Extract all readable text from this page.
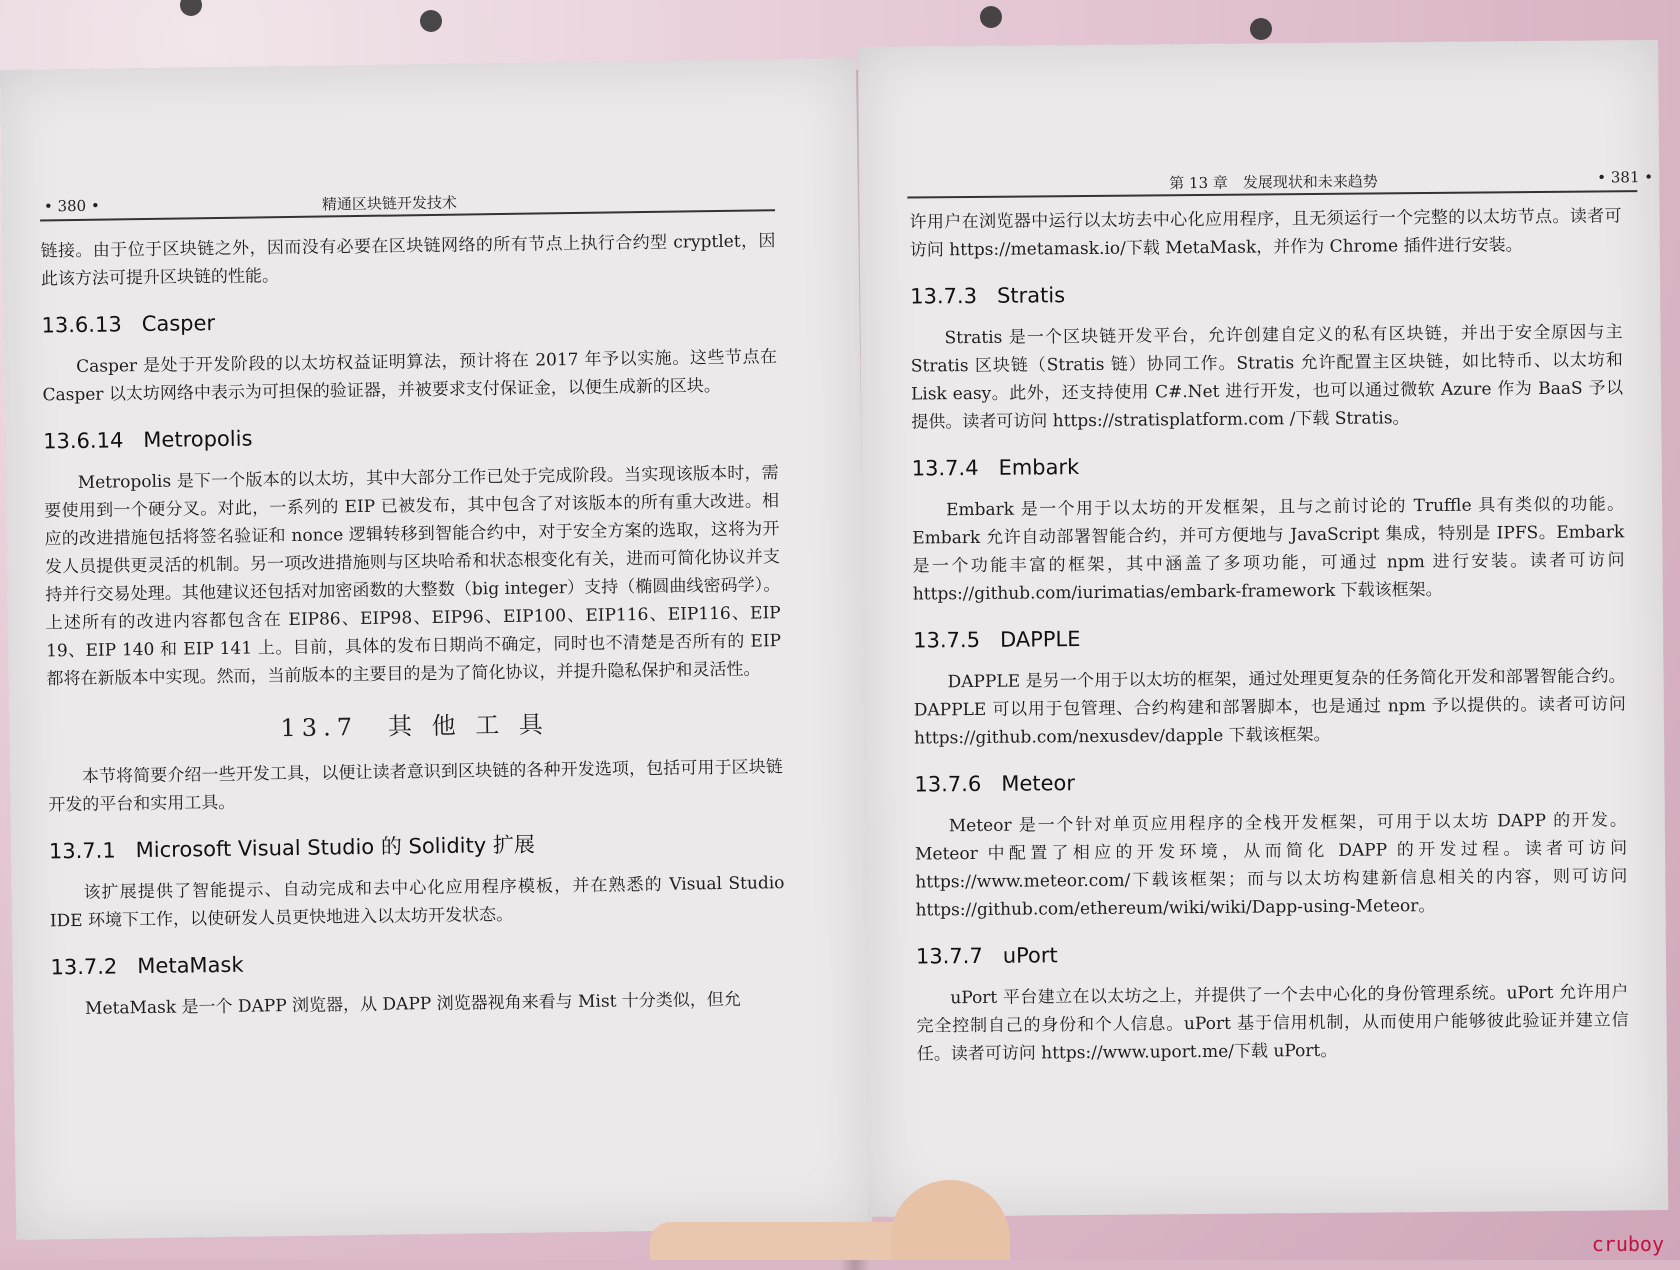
• 380 •	精通区块链开发技术

链接。由于位于区块链之外，因而没有必要在区块链网络的所有节点上执行合约型 cryptlet，因此该方法可提升区块链的性能。

13.6.13 Casper

Casper 是处于开发阶段的以太坊权益证明算法，预计将在 2017 年予以实施。这些节点在 Casper 以太坊网络中表示为可担保的验证器，并被要求支付保证金，以便生成新的区块。

13.6.14 Metropolis

Metropolis 是下一个版本的以太坊，其中大部分工作已处于完成阶段。当实现该版本时，需要使用到一个硬分叉。对此，一系列的 EIP 已被发布，其中包含了对该版本的所有重大改进。相应的改进措施包括将签名验证和 nonce 逻辑转移到智能合约中，对于安全方案的选取，这将为开发人员提供更灵活的机制。另一项改进措施则与区块哈希和状态根变化有关，进而可简化协议并支持并行交易处理。其他建议还包括对加密函数的大整数（big integer）支持（椭圆曲线密码学）。上述所有的改进内容都包含在 EIP86、EIP98、EIP96、EIP100、EIP116、EIP116、EIP 19、EIP 140 和 EIP 141 上。目前，具体的发布日期尚不确定，同时也不清楚是否所有的 EIP 都将在新版本中实现。然而，当前版本的主要目的是为了简化协议，并提升隐私保护和灵活性。

13.7　其 他 工 具

本节将简要介绍一些开发工具，以便让读者意识到区块链的各种开发选项，包括可用于区块链开发的平台和实用工具。

13.7.1 Microsoft Visual Studio 的 Solidity 扩展

该扩展提供了智能提示、自动完成和去中心化应用程序模板，并在熟悉的 Visual Studio IDE 环境下工作，以使研发人员更快地进入以太坊开发状态。

13.7.2 MetaMask

MetaMask 是一个 DAPP 浏览器，从 DAPP 浏览器视角来看与 Mist 十分类似，但允

第 13 章　发展现状和未来趋势	• 381 •

许用户在浏览器中运行以太坊去中心化应用程序，且无须运行一个完整的以太坊节点。读者可访问 https://metamask.io/下载 MetaMask，并作为 Chrome 插件进行安装。

13.7.3 Stratis

Stratis 是一个区块链开发平台，允许创建自定义的私有区块链，并出于安全原因与主 Stratis 区块链（Stratis 链）协同工作。Stratis 允许配置主区块链，如比特币、以太坊和 Lisk easy。此外，还支持使用 C#.Net 进行开发，也可以通过微软 Azure 作为 BaaS 予以提供。读者可访问 https://stratisplatform.com /下载 Stratis。

13.7.4 Embark

Embark 是一个用于以太坊的开发框架，且与之前讨论的 Truffle 具有类似的功能。Embark 允许自动部署智能合约，并可方便地与 JavaScript 集成，特别是 IPFS。Embark 是一个功能丰富的框架，其中涵盖了多项功能，可通过 npm 进行安装。读者可访问 https://github.com/iurimatias/embark-framework 下载该框架。

13.7.5 DAPPLE

DAPPLE 是另一个用于以太坊的框架，通过处理更复杂的任务简化开发和部署智能合约。DAPPLE 可以用于包管理、合约构建和部署脚本，也是通过 npm 予以提供的。读者可访问 https://github.com/nexusdev/dapple 下载该框架。

13.7.6 Meteor

Meteor 是一个针对单页应用程序的全栈开发框架，可用于以太坊 DAPP 的开发。Meteor 中配置了相应的开发环境，从而简化 DAPP 的开发过程。读者可访问 https://www.meteor.com/下载该框架；而与以太坊构建新信息相关的内容，则可访问 https://github.com/ethereum/wiki/wiki/Dapp-using-Meteor。

13.7.7 uPort

uPort 平台建立在以太坊之上，并提供了一个去中心化的身份管理系统。uPort 允许用户完全控制自己的身份和个人信息。uPort 基于信用机制，从而使用户能够彼此验证并建立信任。读者可访问 https://www.uport.me/下载 uPort。

cruboy
